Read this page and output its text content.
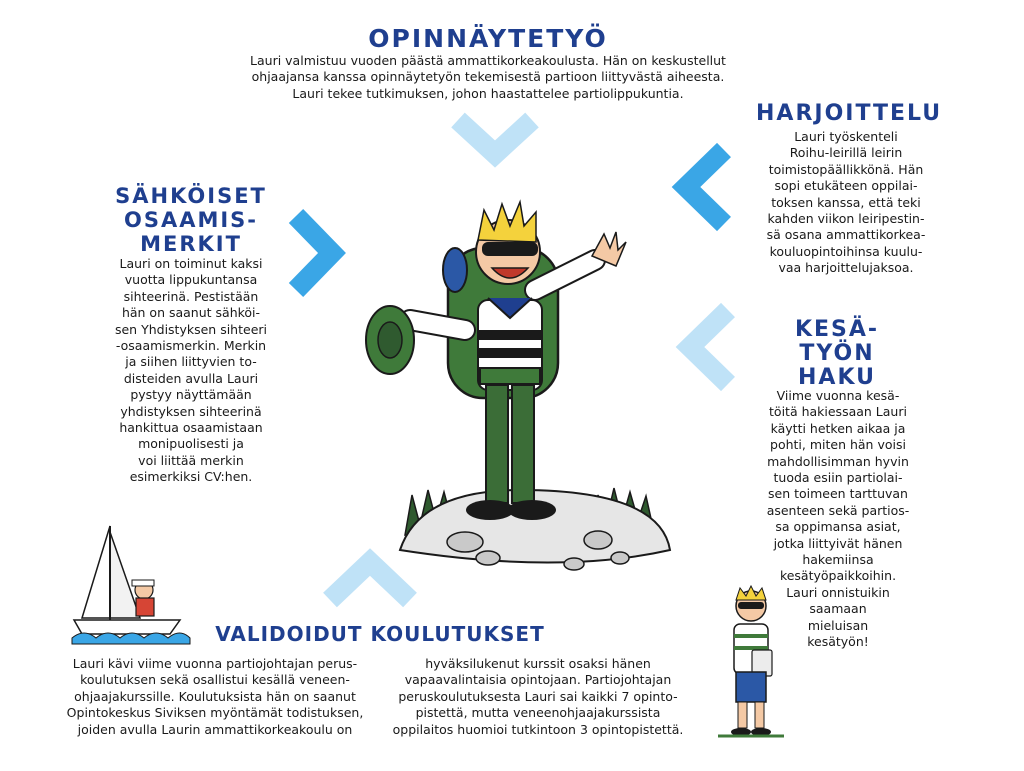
OPINNÄYTETYÖ

Lauri valmistuu vuoden päästä ammattikorkeakoulusta. Hän on keskustellut
ohjaajansa kanssa opinnäytetyön tekemisestä partioon liittyvästä aiheesta.
Lauri tekee tutkimuksen, johon haastattelee partiolippukuntia.

HARJOITTELU

Lauri työskenteli
Roihu-leirillä leirin
toimistopäällikkönä. Hän
sopi etukäteen oppilai-
toksen kanssa, että teki
kahden viikon leiripestin-
sä osana ammattikorkea-
kouluopintoihinsa kuulu-
vaa harjoittelujaksoa.

SÄHKÖISET
OSAAMIS-
MERKIT

Lauri on toiminut kaksi
vuotta lippukuntansa
sihteerinä. Pestistään
hän on saanut sähköi-
sen Yhdistyksen sihteeri
-osaamismerkin. Merkin
ja siihen liittyvien to-
disteiden avulla Lauri
pystyy näyttämään
yhdistyksen sihteerinä
hankittua osaamistaan
monipuolisesti ja
voi liittää merkin
esimerkiksi CV:hen.

KESÄ-
TYÖN
HAKU

Viime vuonna kesä-
töitä hakiessaan Lauri
käytti hetken aikaa ja
pohti, miten hän voisi
mahdollisimman hyvin
tuoda esiin partiolai-
sen toimeen tarttuvan
asenteen sekä partios-
sa oppimansa asiat,
jotka liittyivät hänen
hakemiinsa
kesätyöpaikkoihin.
Lauri onnistuikin
saamaan
mieluisan
kesätyön!

VALIDOIDUT KOULUTUKSET

Lauri kävi viime vuonna partiojohtajan perus-
koulutuksen sekä osallistui kesällä veneen-
ohjaajakurssille. Koulutuksista hän on saanut
Opintokeskus Siviksen myöntämät todistuksen,
joiden avulla Laurin ammattikorkeakoulu on

hyväksilukenut kurssit osaksi hänen
vapaavalintaisia opintojaan. Partiojohtajan
peruskoulutuksesta Lauri sai kaikki 7 opinto-
pistettä, mutta veneenohjaajakurssista
oppilaitos huomioi tutkintoon 3 opintopistettä.
